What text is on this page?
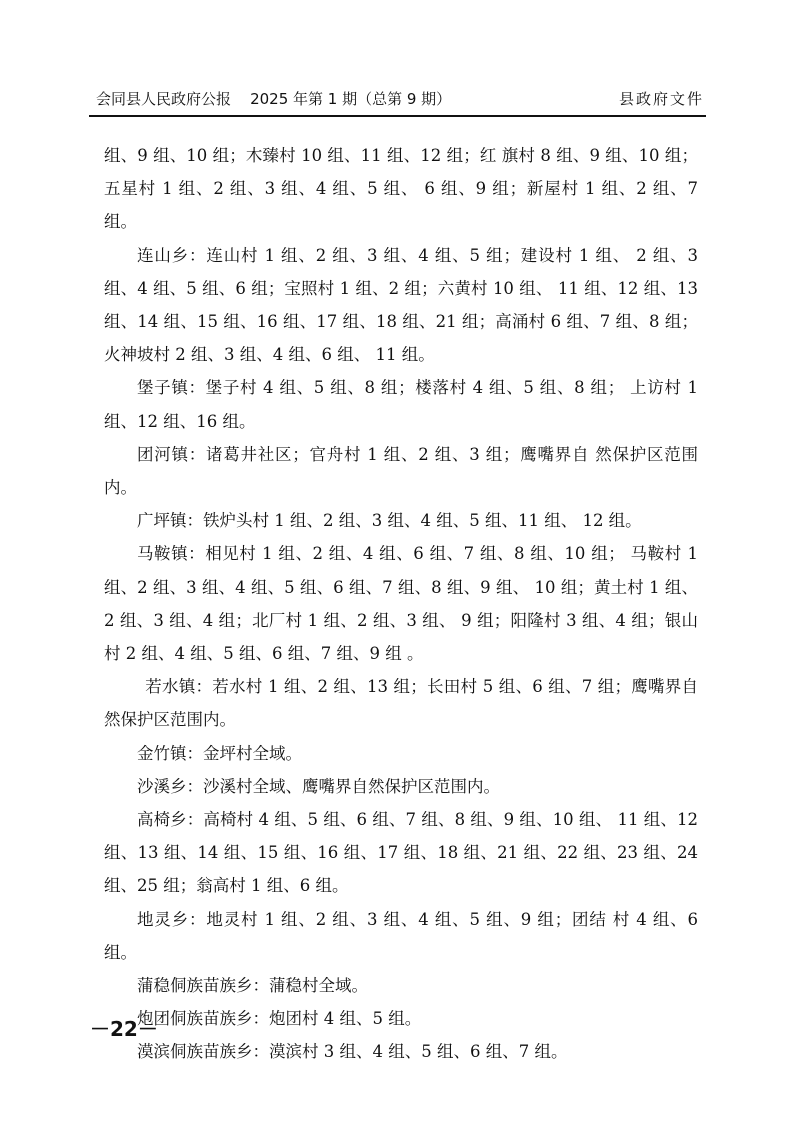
会同县人民政府公报    2025 年第 1 期（总第 9 期）	县政府文件

组、9 组、10 组；木臻村 10 组、11 组、12 组；红 旗村 8 组、9 组、10 组；五星村 1 组、2 组、3 组、4 组、5 组、 6 组、9 组；新屋村 1 组、2 组、7 组。

连山乡：连山村 1 组、2 组、3 组、4 组、5 组；建设村 1 组、 2 组、3 组、4 组、5 组、6 组；宝照村 1 组、2 组；六黄村 10 组、 11 组、12 组、13 组、14 组、15 组、16 组、17 组、18 组、21 组；高涌村 6 组、7 组、8 组；火神坡村 2 组、3 组、4 组、6 组、 11 组。

堡子镇：堡子村 4 组、5 组、8 组；楼落村 4 组、5 组、8 组； 上访村 1 组、12 组、16 组。

团河镇：诸葛井社区；官舟村 1 组、2 组、3 组；鹰嘴界自 然保护区范围内。

广坪镇：铁炉头村 1 组、2 组、3 组、4 组、5 组、11 组、 12 组。

马鞍镇：相见村 1 组、2 组、4 组、6 组、7 组、8 组、10 组； 马鞍村 1 组、2 组、3 组、4 组、5 组、6 组、7 组、8 组、9 组、 10 组；黄土村 1 组、2 组、3 组、4 组；北厂村 1 组、2 组、3 组、 9 组；阳隆村 3 组、4 组；银山村 2 组、4 组、5 组、6 组、7 组、9 组 。

若水镇：若水村 1 组、2 组、13 组；长田村 5 组、6 组、7 组；鹰嘴界自然保护区范围内。

金竹镇：金坪村全域。

沙溪乡：沙溪村全域、鹰嘴界自然保护区范围内。

高椅乡：高椅村 4 组、5 组、6 组、7 组、8 组、9 组、10 组、 11 组、12 组、13 组、14 组、15 组、16 组、17 组、18 组、21 组、22 组、23 组、24 组、25 组；翁高村 1 组、6 组。

地灵乡：地灵村 1 组、2 组、3 组、4 组、5 组、9 组；团结 村 4 组、6 组。

蒲稳侗族苗族乡：蒲稳村全域。

炮团侗族苗族乡：炮团村 4 组、5 组。

漠滨侗族苗族乡：漠滨村 3 组、4 组、5 组、6 组、7 组。

－22－
